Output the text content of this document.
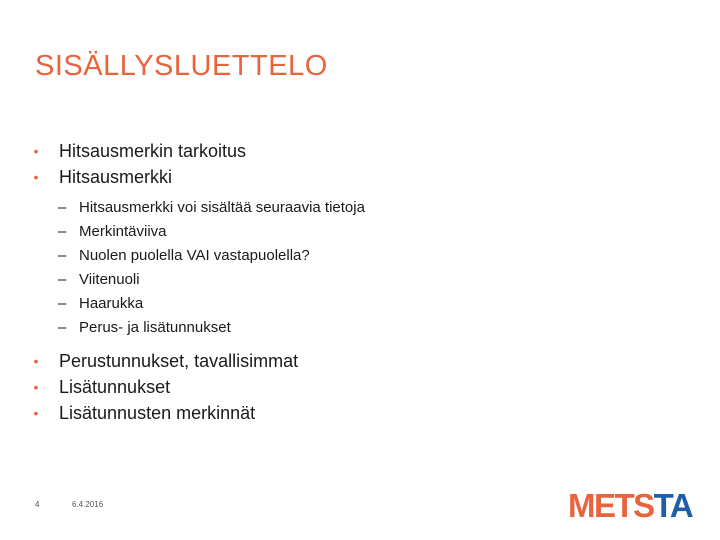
SISÄLLYSLUETTELO
• Hitsausmerkin tarkoitus
• Hitsausmerkki
– Hitsausmerkki voi sisältää seuraavia tietoja
– Merkintäviiva
– Nuolen puolella VAI vastapuolella?
– Viitenuoli
– Haarukka
– Perus- ja lisätunnukset
• Perustunnukset, tavallisimmat
• Lisätunnukset
• Lisätunnusten merkinnät
4	6.4.2016	METSTA
